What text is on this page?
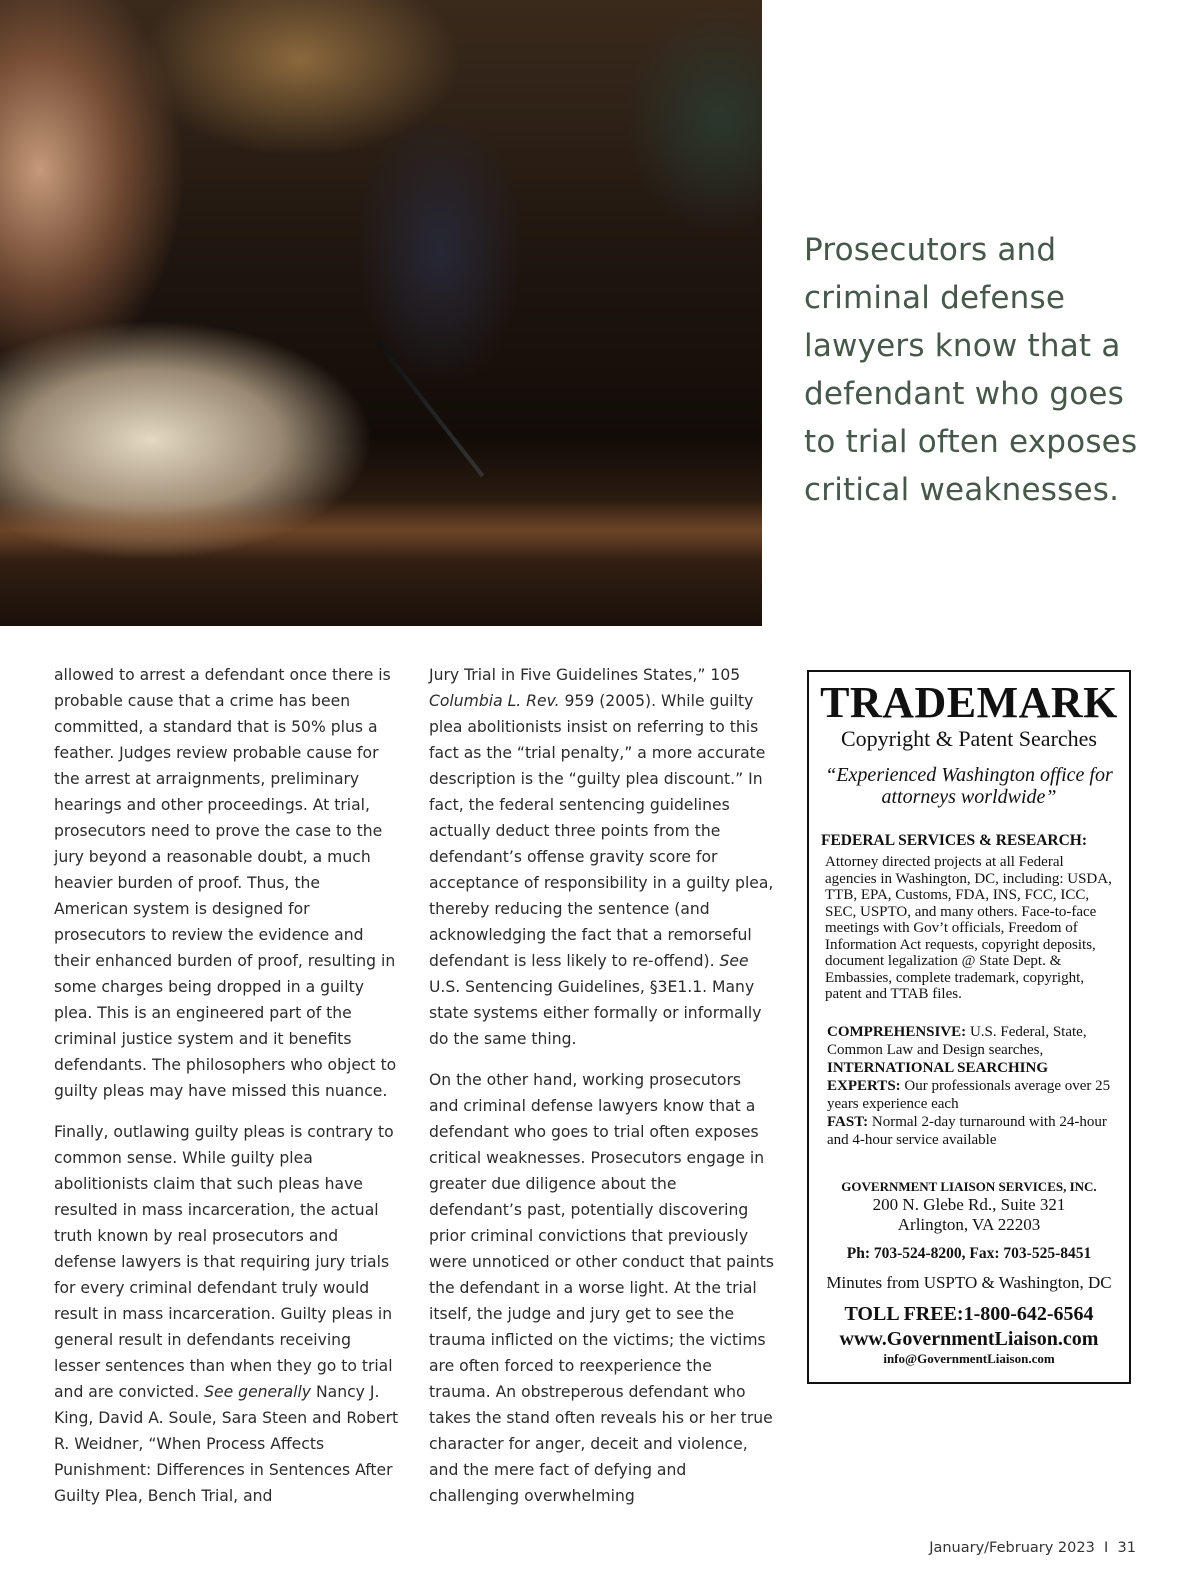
Prosecutors and criminal defense lawyers know that a defendant who goes to trial often exposes critical weaknesses.

allowed to arrest a defendant once there is probable cause that a crime has been committed, a standard that is 50% plus a feather. Judges review probable cause for the arrest at arraignments, preliminary hearings and other proceedings. At trial, prosecutors need to prove the case to the jury beyond a reasonable doubt, a much heavier burden of proof. Thus, the American system is designed for prosecutors to review the evidence and their enhanced burden of proof, resulting in some charges being dropped in a guilty plea. This is an engineered part of the criminal justice system and it benefits defendants. The philosophers who object to guilty pleas may have missed this nuance.

Finally, outlawing guilty pleas is contrary to common sense. While guilty plea abolitionists claim that such pleas have resulted in mass incarceration, the actual truth known by real prosecutors and defense lawyers is that requiring jury trials for every criminal defendant truly would result in mass incarceration. Guilty pleas in general result in defendants receiving lesser sentences than when they go to trial and are convicted. See generally Nancy J. King, David A. Soule, Sara Steen and Robert R. Weidner, “When Process Affects Punishment: Differences in Sentences After Guilty Plea, Bench Trial, and

Jury Trial in Five Guidelines States,” 105 Columbia L. Rev. 959 (2005). While guilty plea abolitionists insist on referring to this fact as the “trial penalty,” a more accurate description is the “guilty plea discount.” In fact, the federal sentencing guidelines actually deduct three points from the defendant’s offense gravity score for acceptance of responsibility in a guilty plea, thereby reducing the sentence (and acknowledging the fact that a remorseful defendant is less likely to re-offend). See U.S. Sentencing Guidelines, §3E1.1. Many state systems either formally or informally do the same thing.

On the other hand, working prosecutors and criminal defense lawyers know that a defendant who goes to trial often exposes critical weaknesses. Prosecutors engage in greater due diligence about the defendant’s past, potentially discovering prior criminal convictions that previously were unnoticed or other conduct that paints the defendant in a worse light. At the trial itself, the judge and jury get to see the trauma inflicted on the victims; the victims are often forced to reexperience the trauma. An obstreperous defendant who takes the stand often reveals his or her true character for anger, deceit and violence, and the mere fact of defying and challenging overwhelming

TRADEMARK
Copyright & Patent Searches
“Experienced Washington office for attorneys worldwide”
FEDERAL SERVICES & RESEARCH:
Attorney directed projects at all Federal agencies in Washington, DC, including: USDA, TTB, EPA, Customs, FDA, INS, FCC, ICC, SEC, USPTO, and many others. Face-to-face meetings with Gov’t officials, Freedom of Information Act requests, copyright deposits, document legalization @ State Dept. & Embassies, complete trademark, copyright, patent and TTAB files.
COMPREHENSIVE: U.S. Federal, State, Common Law and Design searches,
INTERNATIONAL SEARCHING
EXPERTS: Our professionals average over 25 years experience each
FAST: Normal 2-day turnaround with 24-hour and 4-hour service available
GOVERNMENT LIAISON SERVICES, INC.
200 N. Glebe Rd., Suite 321
Arlington, VA 22203
Ph: 703-524-8200, Fax: 703-525-8451
Minutes from USPTO & Washington, DC
TOLL FREE:1-800-642-6564
www.GovernmentLiaison.com
info@GovernmentLiaison.com
January/February 2023 I 31
